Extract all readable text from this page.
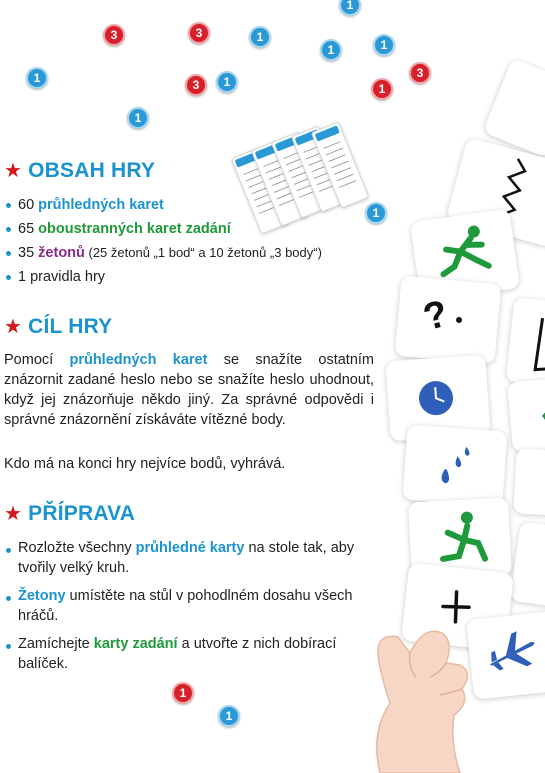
1
3	3	1
1	1
3
1	3 1	1
1
1
1
1
?
★ OBSAH HRY
60 průhledných karet
65 oboustranných karet zadání
35 žetonů (25 žetonů „1 bod“ a 10 žetonů „3 body“)
1 pravidla hry
★ CÍL HRY
Pomocí průhledných karet se snažíte ostatním znázornit zadané heslo nebo se snažíte heslo uhodnout, když jej znázorňuje někdo jiný. Za správné odpovědi i správné znázornění získáváte vítězné body.
Kdo má na konci hry nejvíce bodů, vyhrává.
★ PŘÍPRAVA
Rozložte všechny průhledné karty na stole tak, aby tvořily velký kruh.
Žetony umístěte na stůl v pohodlném dosahu všech hráčů.
Zamíchejte karty zadání a utvořte z nich dobírací balíček.
